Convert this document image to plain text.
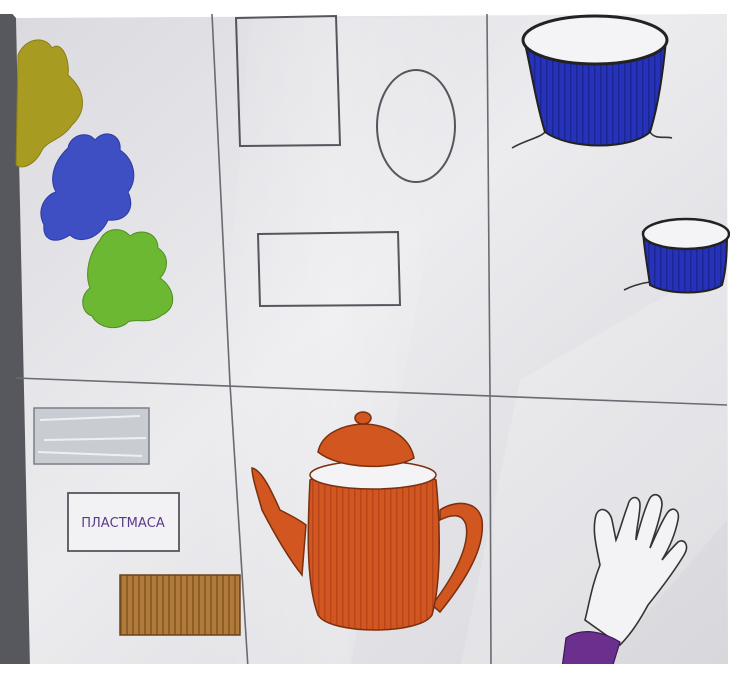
ПЛАСТМАСА
